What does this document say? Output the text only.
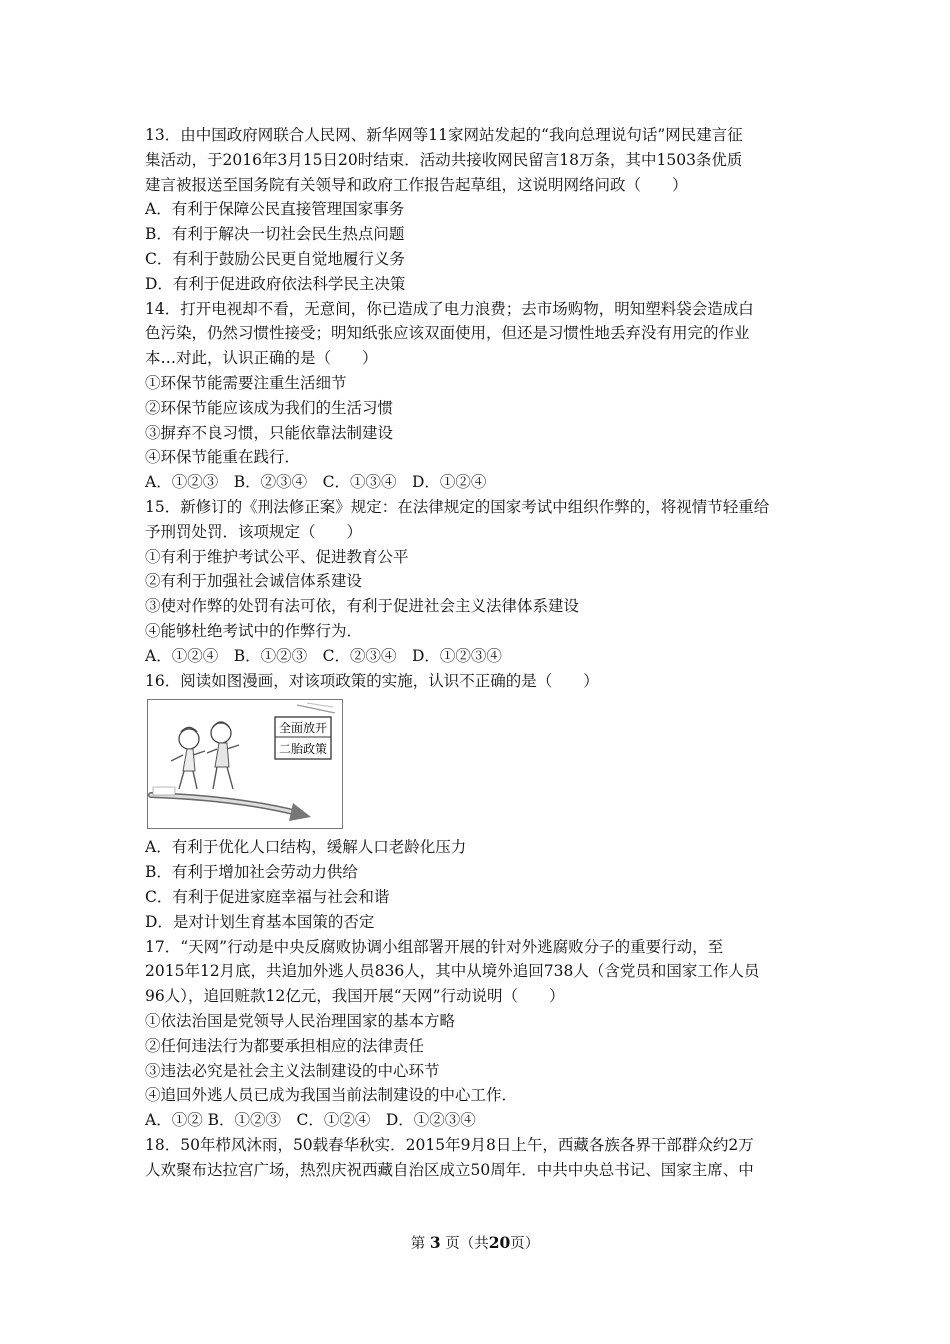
13．由中国政府网联合人民网、新华网等11家网站发起的“我向总理说句话”网民建言征
集活动，于2016年3月15日20时结束．活动共接收网民留言18万条，其中1503条优质
建言被报送至国务院有关领导和政府工作报告起草组，这说明网络问政（　　）
A．有利于保障公民直接管理国家事务
B．有利于解决一切社会民生热点问题
C．有利于鼓励公民更自觉地履行义务
D．有利于促进政府依法科学民主决策
14．打开电视却不看，无意间，你已造成了电力浪费；去市场购物，明知塑料袋会造成白
色污染，仍然习惯性接受；明知纸张应该双面使用，但还是习惯性地丢弃没有用完的作业
本…对此，认识正确的是（　　）
①环保节能需要注重生活细节
②环保节能应该成为我们的生活习惯
③摒弃不良习惯，只能依靠法制建设
④环保节能重在践行．
A．①②③　B．②③④　C．①③④　D．①②④
15．新修订的《刑法修正案》规定：在法律规定的国家考试中组织作弊的，将视情节轻重给
予刑罚处罚．该项规定（　　）
①有利于维护考试公平、促进教育公平
②有利于加强社会诚信体系建设
③使对作弊的处罚有法可依，有利于促进社会主义法律体系建设
④能够杜绝考试中的作弊行为．
A．①②④　B．①②③　C．②③④　D．①②③④
16．阅读如图漫画，对该项政策的实施，认识不正确的是（　　）
全面放开
二胎政策
A．有利于优化人口结构，缓解人口老龄化压力
B．有利于增加社会劳动力供给
C．有利于促进家庭幸福与社会和谐
D．是对计划生育基本国策的否定
17．“天网”行动是中央反腐败协调小组部署开展的针对外逃腐败分子的重要行动，至
2015年12月底，共追加外逃人员836人，其中从境外追回738人（含党员和国家工作人员
96人），追回赃款12亿元，我国开展“天网”行动说明（　　）
①依法治国是党领导人民治理国家的基本方略
②任何违法行为都要承担相应的法律责任
③违法必究是社会主义法制建设的中心环节
④追回外逃人员已成为我国当前法制建设的中心工作．
A．①② B．①②③　C．①②④　D．①②③④
18．50年栉风沐雨，50载春华秋实．2015年9月8日上午，西藏各族各界干部群众约2万
人欢聚布达拉宫广场，热烈庆祝西藏自治区成立50周年．中共中央总书记、国家主席、中
第 3 页（共20页）
